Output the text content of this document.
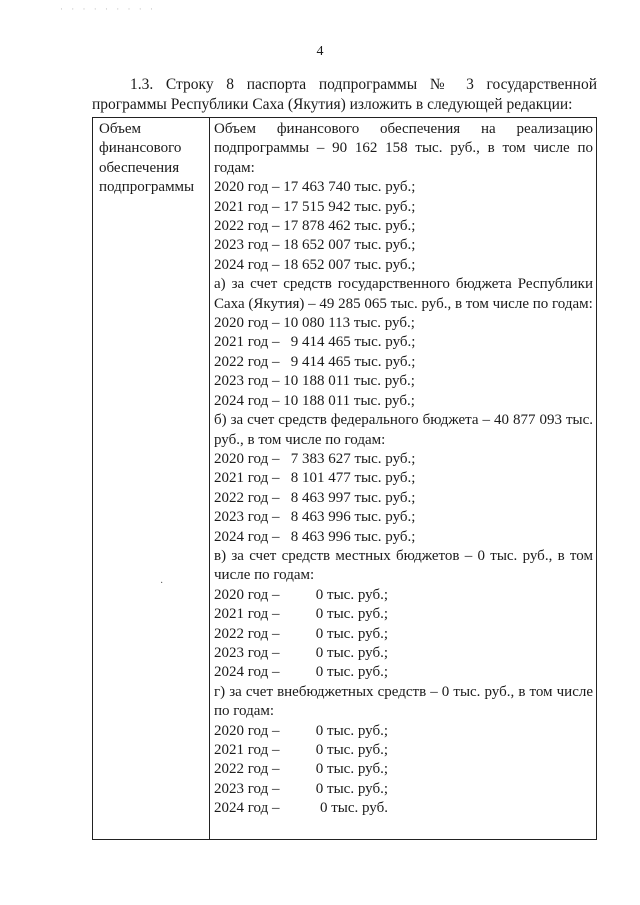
· · · · · · · · ·
4

1.3. Строку 8 паспорта подпрограммы № 3 государственной программы Республики Саха (Якутия) изложить в следующей редакции:

Объем финансового обеспечения подпрограммы
Объем финансового обеспечения на реализацию подпрограммы – 90 162 158 тыс. руб., в том числе по годам:
2020 год – 17 463 740 тыс. руб.;
2021 год – 17 515 942 тыс. руб.;
2022 год – 17 878 462 тыс. руб.;
2023 год – 18 652 007 тыс. руб.;
2024 год – 18 652 007 тыс. руб.;
а) за счет средств государственного бюджета Республики Саха (Якутия) – 49 285 065 тыс. руб., в том числе по годам:
2020 год – 10 080 113 тыс. руб.;
2021 год –   9 414 465 тыс. руб.;
2022 год –   9 414 465 тыс. руб.;
2023 год – 10 188 011 тыс. руб.;
2024 год – 10 188 011 тыс. руб.;
б) за счет средств федерального бюджета – 40 877 093 тыс. руб., в том числе по годам:
2020 год –   7 383 627 тыс. руб.;
2021 год –   8 101 477 тыс. руб.;
2022 год –   8 463 997 тыс. руб.;
2023 год –   8 463 996 тыс. руб.;
2024 год –   8 463 996 тыс. руб.;
в) за счет средств местных бюджетов – 0 тыс. руб., в том числе по годам:
2020 год – 0 тыс. руб.;
2021 год – 0 тыс. руб.;
2022 год – 0 тыс. руб.;
2023 год – 0 тыс. руб.;
2024 год – 0 тыс. руб.;
г) за счет внебюджетных средств – 0 тыс. руб., в том числе по годам:
2020 год – 0 тыс. руб.;
2021 год – 0 тыс. руб.;
2022 год – 0 тыс. руб.;
2023 год – 0 тыс. руб.;
2024 год –	0 тыс. руб.
·
